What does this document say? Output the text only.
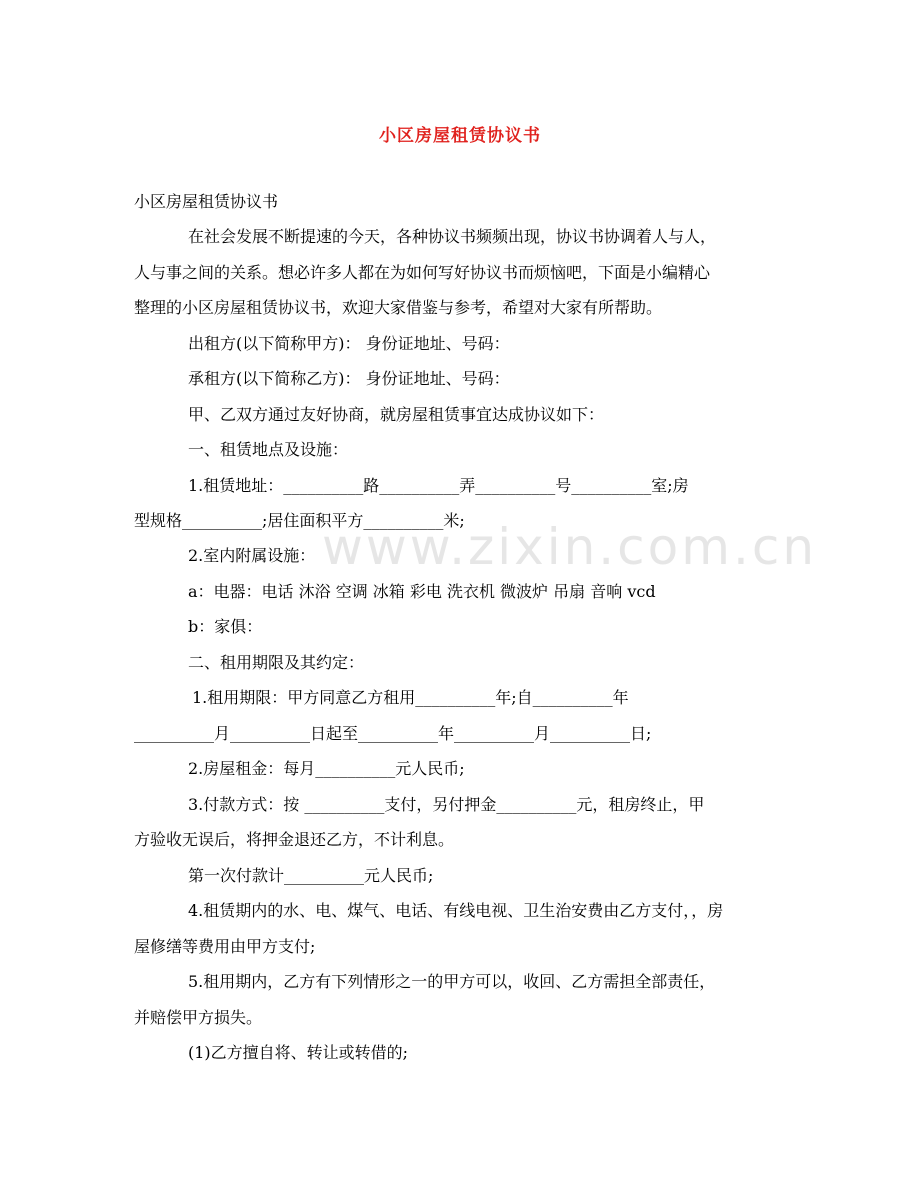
www.zixin.com.cn
小区房屋租赁协议书
小区房屋租赁协议书
在社会发展不断提速的今天，各种协议书频频出现，协议书协调着人与人，
人与事之间的关系。想必许多人都在为如何写好协议书而烦恼吧，下面是小编精心
整理的小区房屋租赁协议书，欢迎大家借鉴与参考，希望对大家有所帮助。
出租方(以下简称甲方)： 身份证地址、号码：
承租方(以下简称乙方)： 身份证地址、号码：
甲、乙双方通过友好协商，就房屋租赁事宜达成协议如下：
一、租赁地点及设施：
1.租赁地址：__________路__________弄__________号__________室;房
型规格__________;居住面积平方__________米;
2.室内附属设施：
a：电器：电话 沐浴 空调 冰箱 彩电 洗衣机 微波炉 吊扇 音响 vcd
b：家俱：
二、租用期限及其约定：
1.租用期限：甲方同意乙方租用__________年;自__________年
__________月__________日起至__________年__________月__________日;
2.房屋租金：每月__________元人民币;
3.付款方式：按 __________支付，另付押金__________元，租房终止，甲
方验收无误后，将押金退还乙方，不计利息。
第一次付款计__________元人民币;
4.租赁期内的水、电、煤气、电话、有线电视、卫生治安费由乙方支付，，房
屋修缮等费用由甲方支付;
5.租用期内，乙方有下列情形之一的甲方可以，收回、乙方需担全部责任，
并赔偿甲方损失。
(1)乙方擅自将、转让或转借的;
